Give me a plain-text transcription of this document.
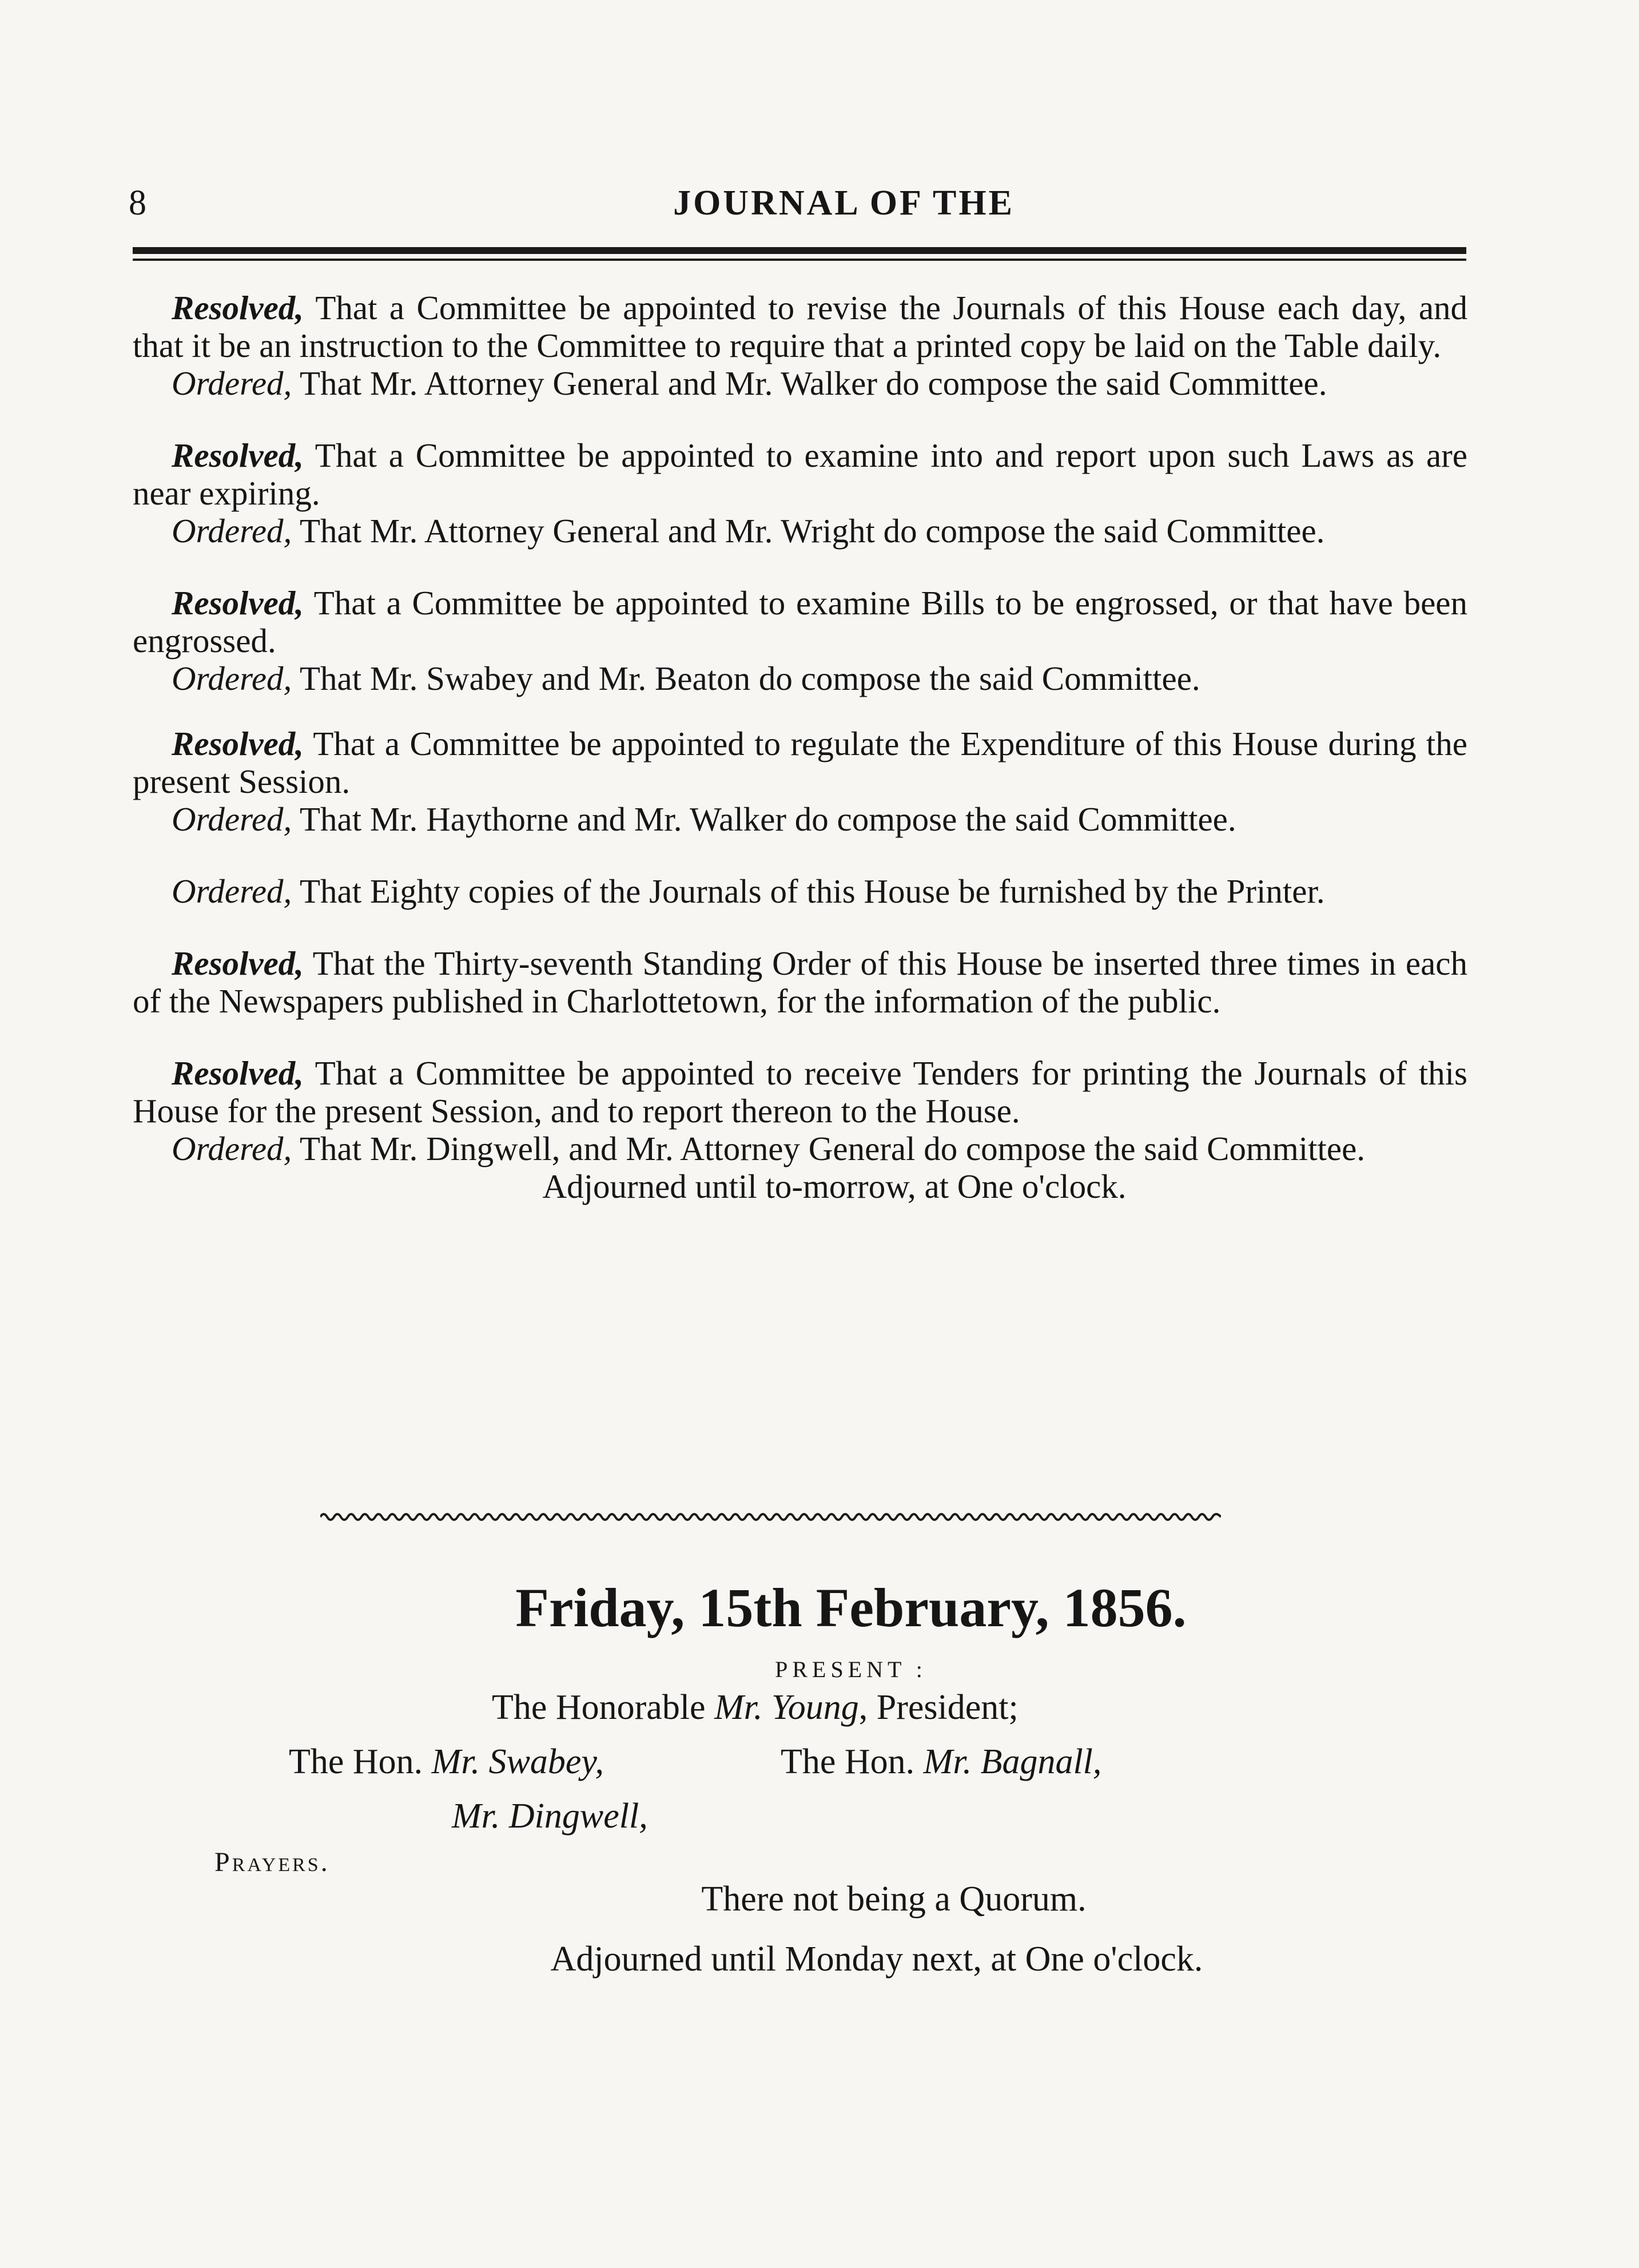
8	JOURNAL OF THE

Resolved, That a Committee be appointed to revise the Journals of this House each day, and that it be an instruction to the Committee to require that a printed copy be laid on the Table daily.

Ordered, That Mr. Attorney General and Mr. Walker do compose the said Committee.

Resolved, That a Committee be appointed to examine into and report upon such Laws as are near expiring.

Ordered, That Mr. Attorney General and Mr. Wright do compose the said Committee.

Resolved, That a Committee be appointed to examine Bills to be engrossed, or that have been engrossed.

Ordered, That Mr. Swabey and Mr. Beaton do compose the said Committee.

Resolved, That a Committee be appointed to regulate the Expenditure of this House during the present Session.

Ordered, That Mr. Haythorne and Mr. Walker do compose the said Committee.

Ordered, That Eighty copies of the Journals of this House be furnished by the Printer.

Resolved, That the Thirty-seventh Standing Order of this House be inserted three times in each of the Newspapers published in Charlottetown, for the information of the public.

Resolved, That a Committee be appointed to receive Tenders for printing the Journals of this House for the present Session, and to report thereon to the House.

Ordered, That Mr. Dingwell, and Mr. Attorney General do compose the said Committee.

Adjourned until to-morrow, at One o'clock.

Friday, 15th February, 1856.
PRESENT :
The Honorable Mr. Young, President;
The Hon. Mr. Swabey,	The Hon. Mr. Bagnall,
Mr. Dingwell,
Prayers.
There not being a Quorum.
Adjourned until Monday next, at One o'clock.
